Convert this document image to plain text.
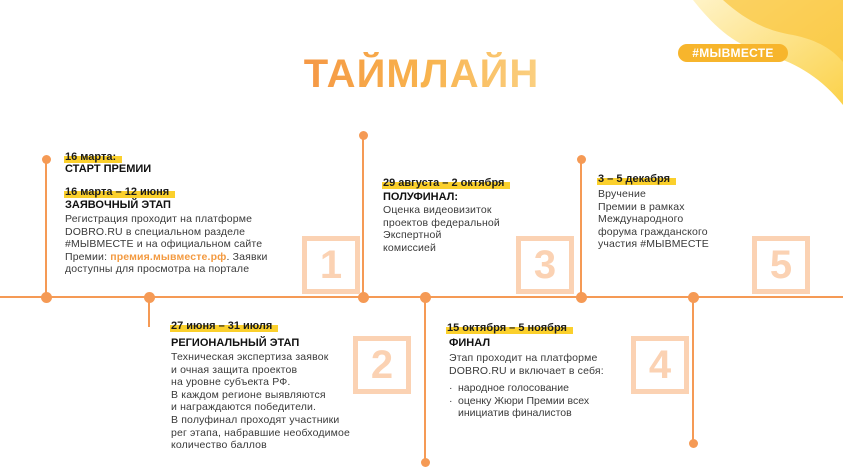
#МЫВМЕСТЕ
ТАЙМЛАЙН
1
2
3
4
5
16 марта:
СТАРТ ПРЕМИИ
16 марта – 12 июня
ЗАЯВОЧНЫЙ ЭТАП
Регистрация проходит на платформе
DOBRO.RU в специальном разделе
#МЫВМЕСТЕ и на официальном сайте
Премии: премия.мывместе.рф. Заявки
доступны для просмотра на портале
27 июня – 31 июля
РЕГИОНАЛЬНЫЙ ЭТАП
Техническая экспертиза заявок
и очная защита проектов
на уровне субъекта РФ.
В каждом регионе выявляются
и награждаются победители.
В полуфинал проходят участники
рег этапа, набравшие необходимое
количество баллов
29 августа – 2 октября
ПОЛУФИНАЛ:
Оценка видеовизиток
проектов федеральной
Экспертной
комиссией
15 октября – 5 ноября
ФИНАЛ
Этап проходит на платформе
DOBRO.RU и включает в себя:
· народное голосование
· оценку Жюри Премии всех
инициатив финалистов
3 – 5 декабря
Вручение
Премии в рамках
Международного
форума гражданского
участия #МЫВМЕСТЕ
